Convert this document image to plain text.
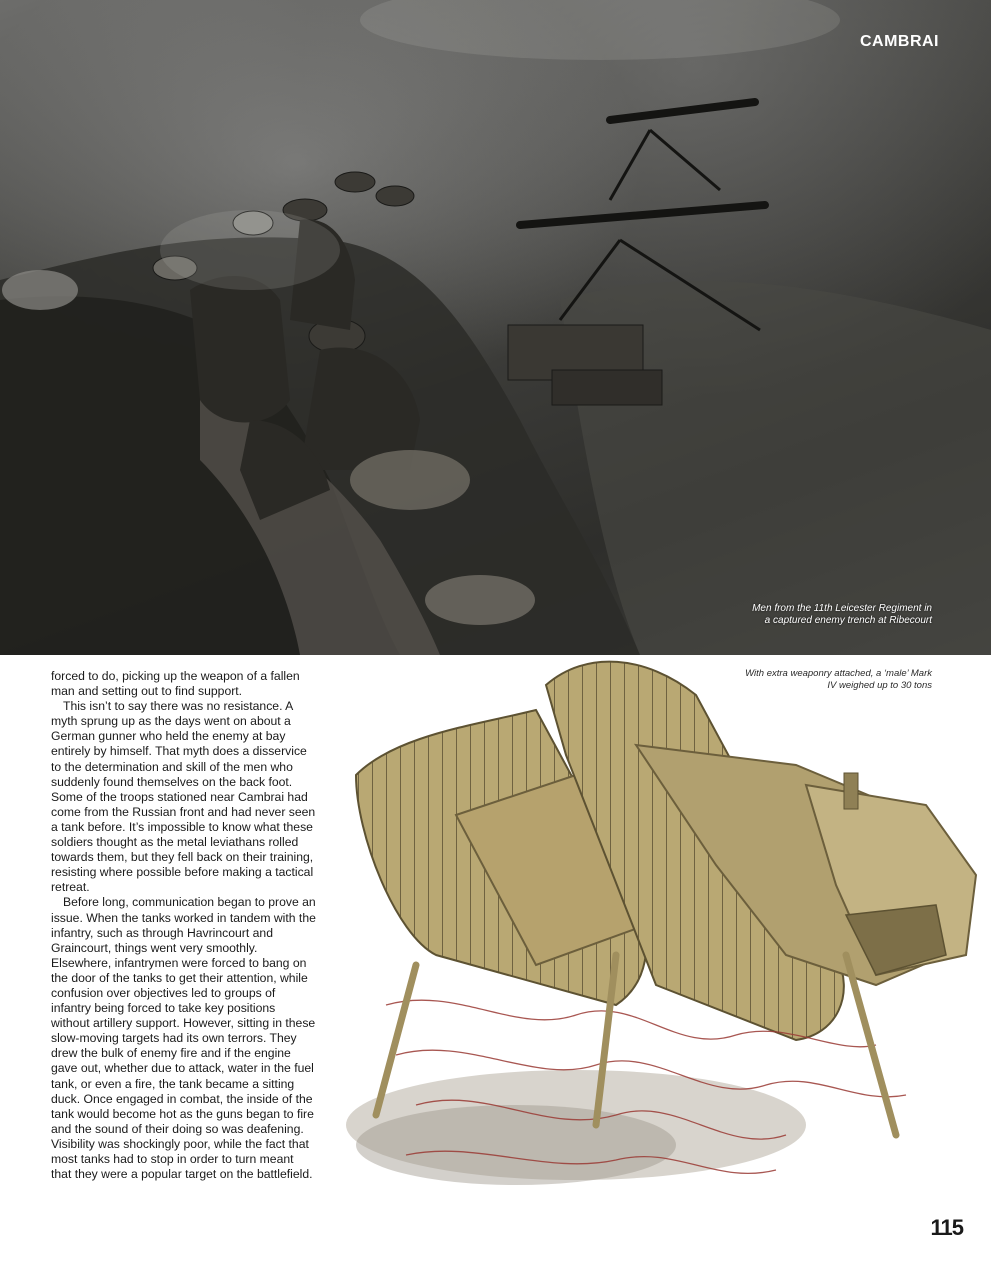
CAMBRAI
Men from the 11th Leicester Regiment in a captured enemy trench at Ribecourt

forced to do, picking up the weapon of a fallen man and setting out to find support.

This isn’t to say there was no resistance. A myth sprung up as the days went on about a German gunner who held the enemy at bay entirely by himself. That myth does a disservice to the determination and skill of the men who suddenly found themselves on the back foot. Some of the troops stationed near Cambrai had come from the Russian front and had never seen a tank before. It’s impossible to know what these soldiers thought as the metal leviathans rolled towards them, but they fell back on their training, resisting where possible before making a tactical retreat.

Before long, communication began to prove an issue. When the tanks worked in tandem with the infantry, such as through Havrincourt and Graincourt, things went very smoothly. Elsewhere, infantrymen were forced to bang on the door of the tanks to get their attention, while confusion over objectives led to groups of infantry being forced to take key positions without artillery support. However, sitting in these slow-moving targets had its own terrors. They drew the bulk of enemy fire and if the engine gave out, whether due to attack, water in the fuel tank, or even a fire, the tank became a sitting duck. Once engaged in combat, the inside of the tank would become hot as the guns began to fire and the sound of their doing so was deafening. Visibility was shockingly poor, while the fact that most tanks had to stop in order to turn meant that they were a popular target on the battlefield.

With extra weaponry attached, a ‘male’ Mark IV weighed up to 30 tons
115
